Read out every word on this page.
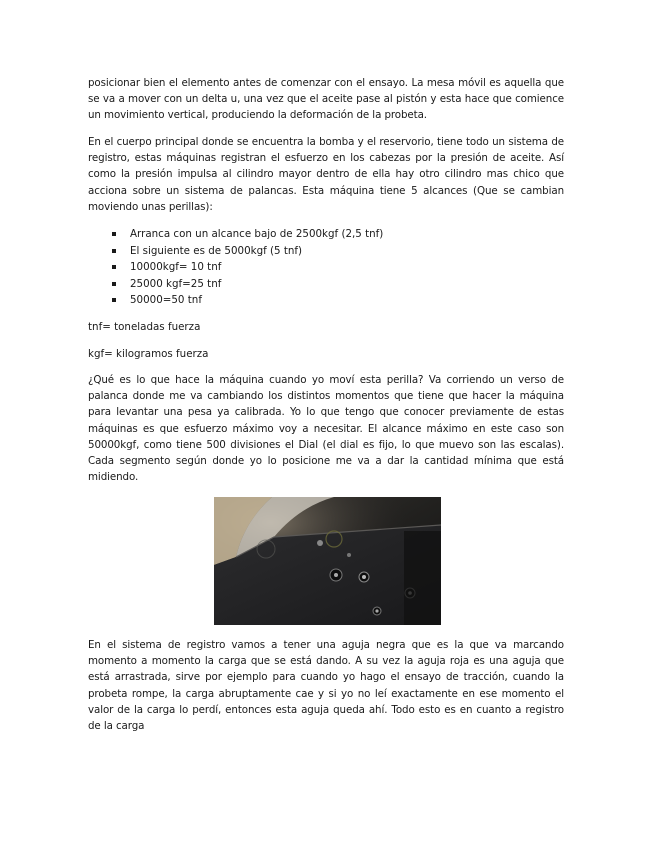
posicionar bien el elemento antes de comenzar con el ensayo. La mesa móvil es aquella que se va a mover con un delta u, una vez que el aceite pase al pistón y esta hace que comience un movimiento vertical, produciendo la deformación de la probeta.

En el cuerpo principal donde se encuentra la bomba y el reservorio, tiene todo un sistema de registro, estas máquinas registran el esfuerzo en los cabezas por la presión de aceite. Así como la presión impulsa al cilindro mayor dentro de ella hay otro cilindro mas chico que acciona sobre un sistema de palancas. Esta máquina tiene 5 alcances (Que se cambian moviendo unas perillas):

Arranca con un alcance bajo de 2500kgf (2,5 tnf)
El siguiente es de 5000kgf (5 tnf)
10000kgf= 10 tnf
25000 kgf=25 tnf
50000=50 tnf

tnf= toneladas fuerza

kgf= kilogramos fuerza

¿Qué es lo que hace la máquina cuando yo moví esta perilla? Va corriendo un verso de palanca donde me va cambiando los distintos momentos que tiene que hacer la máquina para levantar una pesa ya calibrada. Yo lo que tengo que conocer previamente de estas máquinas es que esfuerzo máximo voy a necesitar. El alcance máximo en este caso son 50000kgf, como tiene 500 divisiones el Dial (el dial es fijo, lo que muevo son las escalas). Cada segmento según donde yo lo posicione me va a dar la cantidad mínima que está midiendo.

En el sistema de registro vamos a tener una aguja negra que es la que va marcando momento a momento la carga que se está dando. A su vez la aguja roja es una aguja que está arrastrada, sirve por ejemplo para cuando yo hago el ensayo de tracción, cuando la probeta rompe, la carga abruptamente cae y si yo no leí exactamente en ese momento el valor de la carga lo perdí, entonces esta aguja queda ahí. Todo esto es en cuanto a registro de la carga
